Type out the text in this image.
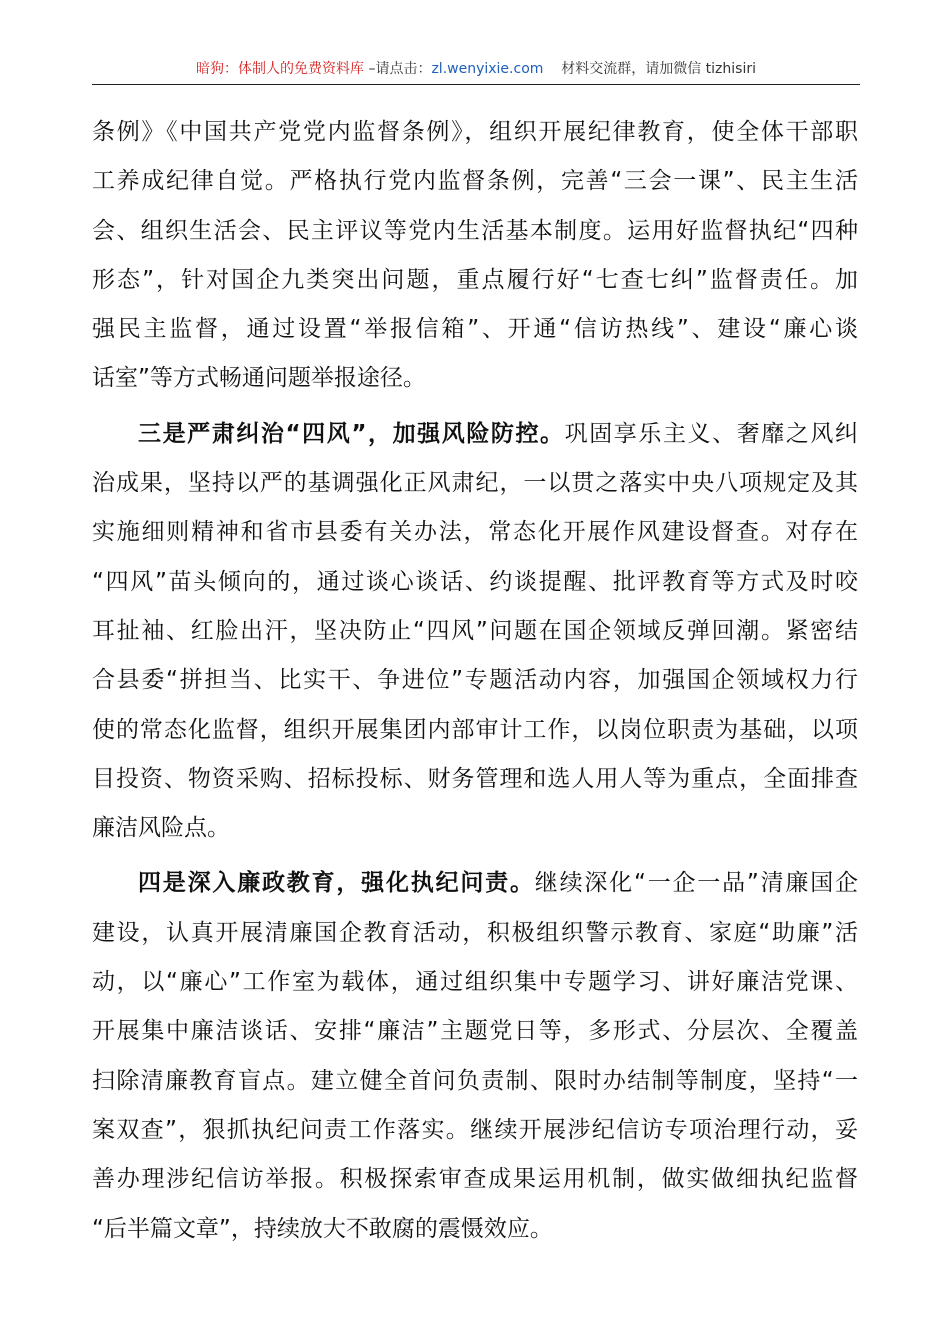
暗狗：体制人的免费资料库 –请点击：zl.wenyixie.com    材料交流群，请加微信 tizhisiri

条例》《中国共产党党内监督条例》，组织开展纪律教育，使全体干部职
工养成纪律自觉。严格执行党内监督条例，完善“三会一课”、民主生活
会、组织生活会、民主评议等党内生活基本制度。运用好监督执纪“四种
形态”，针对国企九类突出问题，重点履行好“七查七纠”监督责任。加
强民主监督，通过设置“举报信箱”、开通“信访热线”、建设“廉心谈
话室”等方式畅通问题举报途径。

三是严肃纠治“四风”，加强风险防控。巩固享乐主义、奢靡之风纠
治成果，坚持以严的基调强化正风肃纪，一以贯之落实中央八项规定及其
实施细则精神和省市县委有关办法，常态化开展作风建设督查。对存在
“四风”苗头倾向的，通过谈心谈话、约谈提醒、批评教育等方式及时咬
耳扯袖、红脸出汗，坚决防止“四风”问题在国企领域反弹回潮。紧密结
合县委“拼担当、比实干、争进位”专题活动内容，加强国企领域权力行
使的常态化监督，组织开展集团内部审计工作，以岗位职责为基础，以项
目投资、物资采购、招标投标、财务管理和选人用人等为重点，全面排查
廉洁风险点。

四是深入廉政教育，强化执纪问责。继续深化“一企一品”清廉国企
建设，认真开展清廉国企教育活动，积极组织警示教育、家庭“助廉”活
动，以“廉心”工作室为载体，通过组织集中专题学习、讲好廉洁党课、
开展集中廉洁谈话、安排“廉洁”主题党日等，多形式、分层次、全覆盖
扫除清廉教育盲点。建立健全首问负责制、限时办结制等制度，坚持“一
案双查”，狠抓执纪问责工作落实。继续开展涉纪信访专项治理行动，妥
善办理涉纪信访举报。积极探索审查成果运用机制，做实做细执纪监督
“后半篇文章”，持续放大不敢腐的震慑效应。
